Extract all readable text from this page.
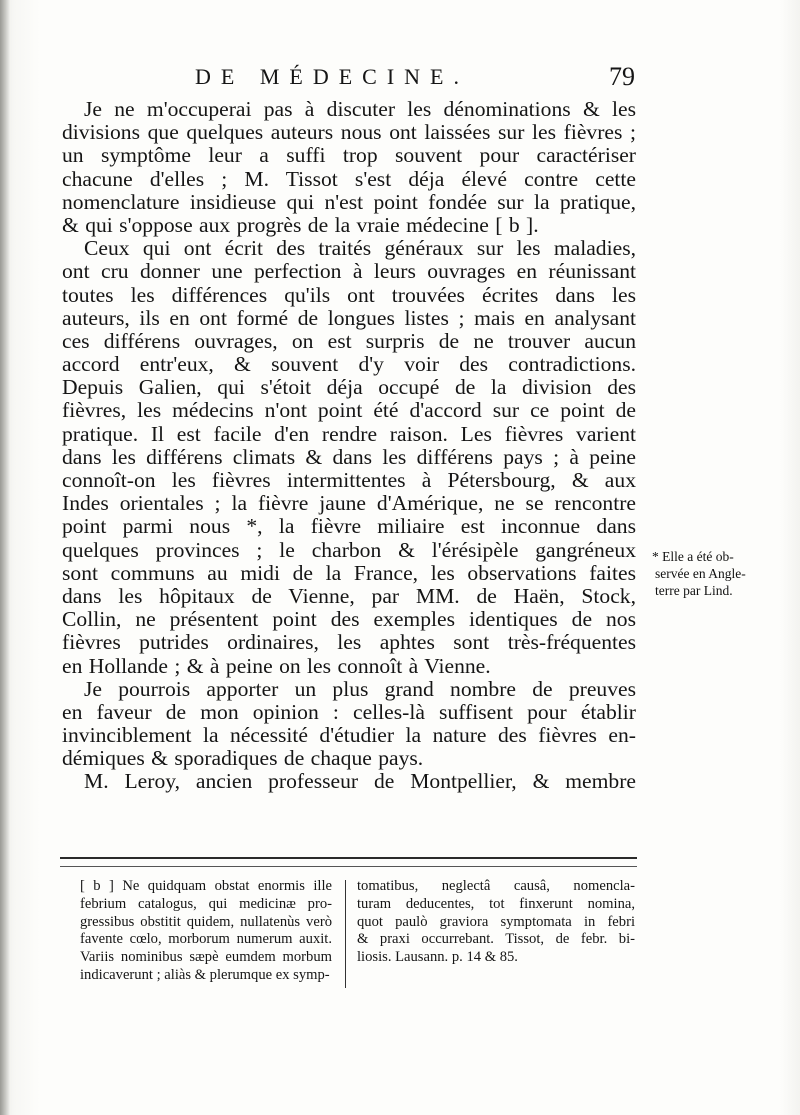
DE MÉDECINE.	79
Je ne m'occuperai pas à discuter les dénominations & les
divisions que quelques auteurs nous ont laissées sur les fièvres ;
un symptôme leur a suffi trop souvent pour caractériser
chacune d'elles ; M. Tissot s'est déja élevé contre cette
nomenclature insidieuse qui n'est point fondée sur la pratique,
& qui s'oppose aux progrès de la vraie médecine [ b ].
Ceux qui ont écrit des traités généraux sur les maladies,
ont cru donner une perfection à leurs ouvrages en réunissant
toutes les différences qu'ils ont trouvées écrites dans les
auteurs, ils en ont formé de longues listes ; mais en analysant
ces différens ouvrages, on est surpris de ne trouver aucun
accord entr'eux, & souvent d'y voir des contradictions.
Depuis Galien, qui s'étoit déja occupé de la division des
fièvres, les médecins n'ont point été d'accord sur ce point de
pratique. Il est facile d'en rendre raison. Les fièvres varient
dans les différens climats & dans les différens pays ; à peine
connoît-on les fièvres intermittentes à Pétersbourg, & aux
Indes orientales ; la fièvre jaune d'Amérique, ne se rencontre
point parmi nous *, la fièvre miliaire est inconnue dans
quelques provinces ; le charbon & l'érésipèle gangréneux
sont communs au midi de la France, les observations faites
dans les hôpitaux de Vienne, par MM. de Haën, Stock,
Collin, ne présentent point des exemples identiques de nos
fièvres putrides ordinaires, les aphtes sont très-fréquentes
en Hollande ; & à peine on les connoît à Vienne.
Je pourrois apporter un plus grand nombre de preuves
en faveur de mon opinion : celles-là suffisent pour établir
invinciblement la nécessité d'étudier la nature des fièvres en-
démiques & sporadiques de chaque pays.
M. Leroy, ancien professeur de Montpellier, & membre
* Elle a été ob-
servée en Angle-
terre par Lind.
[ b ] Ne quidquam obstat enormis ille
febrium catalogus, qui medicinæ pro-
gressibus obstitit quidem, nullatenùs verò
favente cœlo, morborum numerum auxit.
Variis nominibus sæpè eumdem morbum
indicaverunt ; aliàs & plerumque ex symp-
tomatibus, neglectâ causâ, nomencla-
turam deducentes, tot finxerunt nomina,
quot paulò graviora symptomata in febri
& praxi occurrebant. Tissot, de febr. bi-
liosis. Lausann. p. 14 & 85.
